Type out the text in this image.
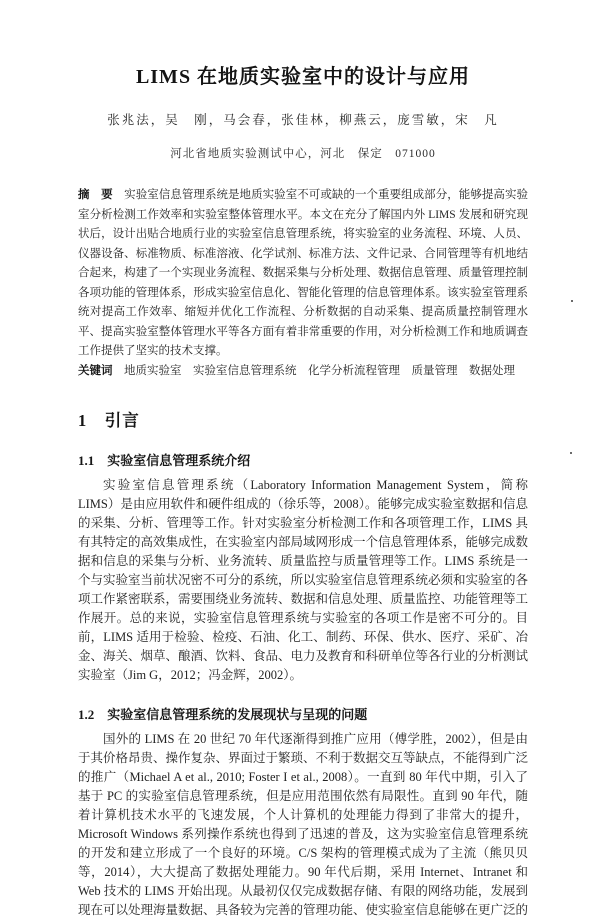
LIMS 在地质实验室中的设计与应用
张兆法，吴　刚，马会春，张佳林，柳燕云，庞雪敏，宋　凡
河北省地质实验测试中心，河北　保定　071000
摘　要　实验室信息管理系统是地质实验室不可或缺的一个重要组成部分，能够提高实验室分析检测工作效率和实验室整体管理水平。本文在充分了解国内外 LIMS 发展和研究现状后，设计出贴合地质行业的实验室信息管理系统，将实验室的业务流程、环境、人员、仪器设备、标准物质、标准溶液、化学试剂、标准方法、文件记录、合同管理等有机地结合起来，构建了一个实现业务流程、数据采集与分析处理、数据信息管理、质量管理控制各项功能的管理体系，形成实验室信息化、智能化管理的信息管理体系。该实验室管理系统对提高工作效率、缩短并优化工作流程、分析数据的自动采集、提高质量控制管理水平、提高实验室整体管理水平等各方面有着非常重要的作用，对分析检测工作和地质调查工作提供了坚实的技术支撑。
关键词　地质实验室　实验室信息管理系统　化学分析流程管理　质量管理　数据处理
1　引言
1.1　实验室信息管理系统介绍

实验室信息管理系统（Laboratory Information Management System，简称 LIMS）是由应用软件和硬件组成的（徐乐等，2008）。能够完成实验室数据和信息的采集、分析、管理等工作。针对实验室分析检测工作和各项管理工作，LIMS 具有其特定的高效集成性，在实验室内部局域网形成一个信息管理体系，能够完成数据和信息的采集与分析、业务流转、质量监控与质量管理等工作。LIMS 系统是一个与实验室当前状况密不可分的系统，所以实验室信息管理系统必须和实验室的各项工作紧密联系，需要围绕业务流转、数据和信息处理、质量监控、功能管理等工作展开。总的来说，实验室信息管理系统与实验室的各项工作是密不可分的。目前，LIMS 适用于检验、检疫、石油、化工、制药、环保、供水、医疗、采矿、冶金、海关、烟草、酿酒、饮料、食品、电力及教育和科研单位等各行业的分析测试实验室（Jim G，2012；冯金辉，2002）。

1.2　实验室信息管理系统的发展现状与呈现的问题

国外的 LIMS 在 20 世纪 70 年代逐渐得到推广应用（傅学胜，2002），但是由于其价格昂贵、操作复杂、界面过于繁琐、不利于数据交互等缺点，不能得到广泛的推广（Michael A et al., 2010; Foster I et al., 2008）。一直到 80 年代中期，引入了基于 PC 的实验室信息管理系统，但是应用范围依然有局限性。直到 90 年代，随着计算机技术水平的飞速发展，个人计算机的处理能力得到了非常大的提升，Microsoft Windows 系列操作系统也得到了迅速的普及，这为实验室信息管理系统的开发和建立形成了一个良好的环境。C/S 架构的管理模式成为了主流（熊贝贝等，2014），大大提高了数据处理能力。90 年代后期，采用 Internet、Intranet 和 Web 技术的 LIMS 开始出现。从最初仅仅完成数据存储、有限的网络功能，发展到现在可以处理海量数据、具备较为完善的管理功能、使实验室信息能够在更广泛的
